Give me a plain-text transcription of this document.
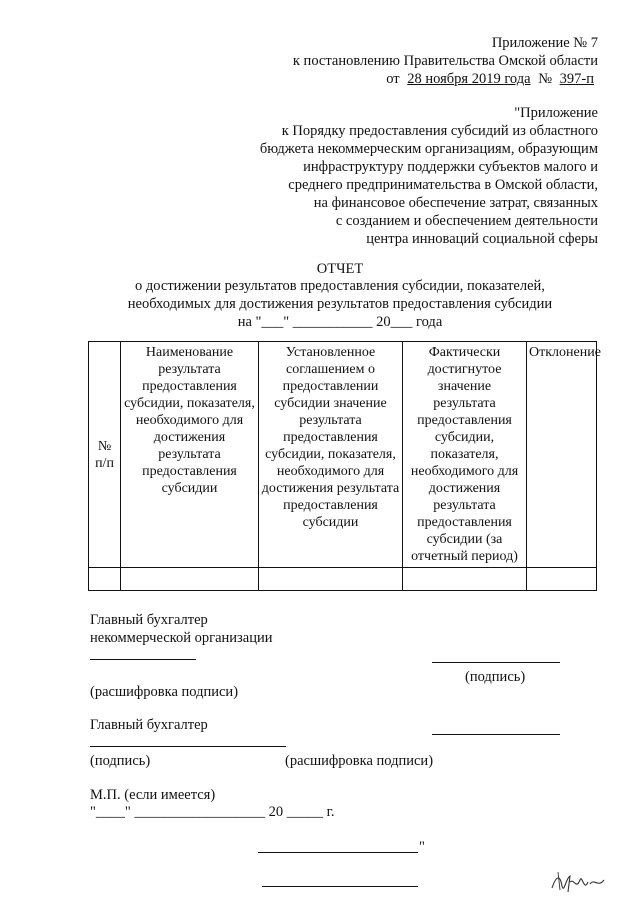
Приложение № 7
к постановлению Правительства Омской области
от 28 ноября 2019 года № 397-п
"Приложение
к Порядку предоставления субсидий из областного
бюджета некоммерческим организациям, образующим
инфраструктуру поддержки субъектов малого и
среднего предпринимательства в Омской области,
на финансовое обеспечение затрат, связанных
с созданием и обеспечением деятельности
центра инноваций социальной сферы
ОТЧЕТ
о достижении результатов предоставления субсидии, показателей,
необходимых для достижения результатов предоставления субсидии
на "___" ___________ 20___ года
№ п/п	Наименование результата предоставления субсидии, показателя, необходимого для достижения результата предоставления субсидии	Установленное соглашением о предоставлении субсидии значение результата предоставления субсидии, показателя, необходимого для достижения результата предоставления субсидии	Фактически достигнутое значение результата предоставления субсидии, показателя, необходимого для достижения результата предоставления субсидии (за отчетный период)	Отклонение

Главный бухгалтер
некоммерческой организации
(подпись)
(расшифровка подписи)
Главный бухгалтер
(подпись)	(расшифровка подписи)
М.П. (если имеется)
"____" __________________ 20 _____ г.
"
